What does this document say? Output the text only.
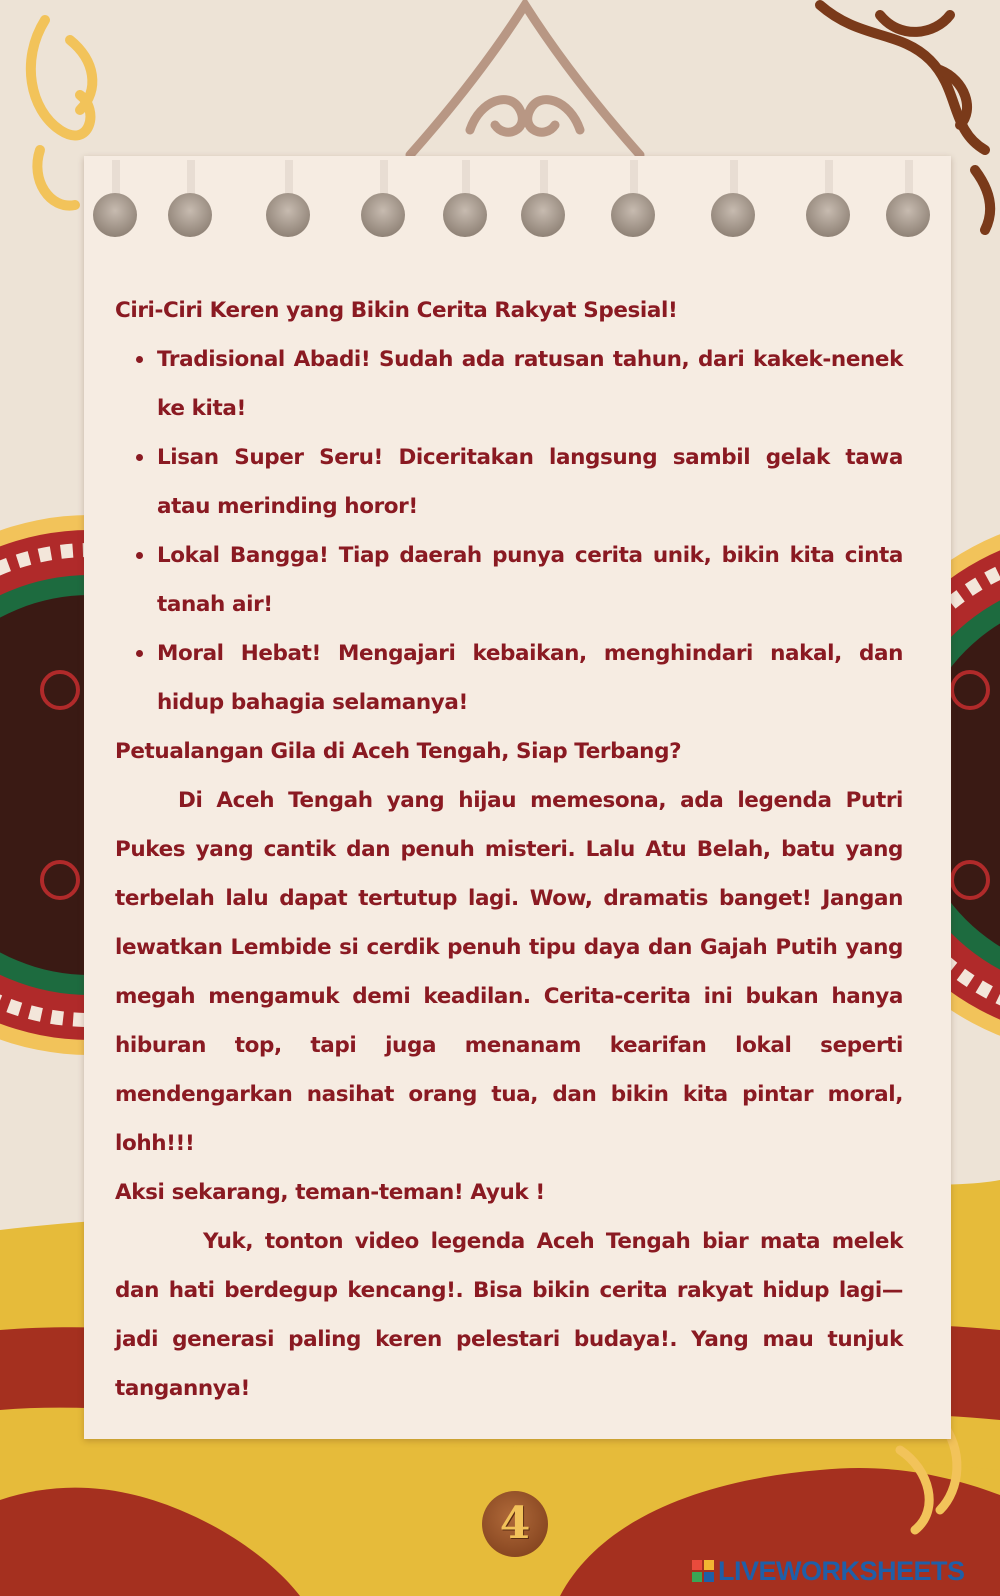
Ciri-Ciri Keren yang Bikin Cerita Rakyat Spesial!
Tradisional Abadi! Sudah ada ratusan tahun, dari kakek-nenek ke kita!
Lisan Super Seru! Diceritakan langsung sambil gelak tawa atau merinding horor!
Lokal Bangga! Tiap daerah punya cerita unik, bikin kita cinta tanah air!
Moral Hebat! Mengajari kebaikan, menghindari nakal, dan hidup bahagia selamanya!
Petualangan Gila di Aceh Tengah, Siap Terbang?
Di Aceh Tengah yang hijau memesona, ada legenda Putri Pukes yang cantik dan penuh misteri. Lalu Atu Belah, batu yang terbelah lalu dapat tertutup lagi. Wow, dramatis banget! Jangan lewatkan Lembide si cerdik penuh tipu daya dan Gajah Putih yang megah mengamuk demi keadilan. Cerita-cerita ini bukan hanya hiburan top, tapi juga menanam kearifan lokal seperti mendengarkan nasihat orang tua, dan bikin kita pintar moral, lohh!!!
Aksi sekarang, teman-teman! Ayuk !
Yuk, tonton video legenda Aceh Tengah biar mata melek dan hati berdegup kencang!. Bisa bikin cerita rakyat hidup lagi—jadi generasi paling keren pelestari budaya!. Yang mau tunjuk tangannya!
4
LIVEWORKSHEETS
